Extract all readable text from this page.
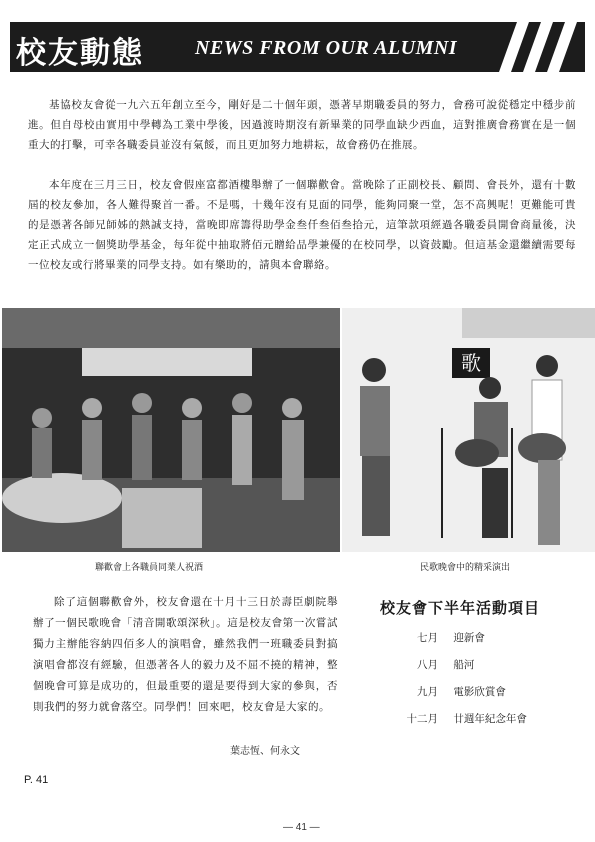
校友動態	NEWS FROM OUR ALUMNI
基協校友會從一九六五年創立至今，剛好是二十個年頭，憑著早期職委員的努力，會務可說從穩定中穩步前進。但自母校由實用中學轉為工業中學後，因過渡時期沒有新畢業的同學血缺少西血，這對推廣會務實在是一個重大的打擊，可幸各職委員並沒有氣餒，而且更加努力地耕耘，故會務仍在推展。
本年度在三月三日，校友會假座富都酒樓舉辦了一個聯歡會。當晚除了正副校長、顧問、會長外，還有十數屆的校友參加，各人難得聚首一番。不是嗎，十幾年沒有見面的同學，能夠同聚一堂，怎不高興呢！更難能可貴的是憑著各師兄師姊的熱誠支持，當晚即席籌得助學金叁仟叁佰叁拾元，這筆款項經過各職委員開會商量後，決定正式成立一個獎助學基金，每年從中抽取將佰元贈給品學兼優的在校同學，以資鼓勵。但這基金還繼續需要每一位校友或行將畢業的同學支持。如有樂助的，請與本會聯絡。
歌
聯歡會上各職員同業人祝酒	民歌晚會中的精采演出
除了這個聯歡會外，校友會還在十月十三日於壽臣劇院舉辦了一個民歌晚會「清音開歌頌深秋」。這是校友會第一次嘗試獨力主辦能容納四佰多人的演唱會，雖然我們一班職委員對搞演唱會都沒有經驗，但憑著各人的毅力及不屈不撓的精神，整個晚會可算是成功的，但最重要的還是要得到大家的參與，否則我們的努力就會落空。同學們！回來吧，校友會是大家的。
葉志恆、何永文
校友會下半年活動項目
七月 迎新會
八月 船河
九月 電影欣賞會
十二月 廿週年紀念年會
P. 41
— 41 —
